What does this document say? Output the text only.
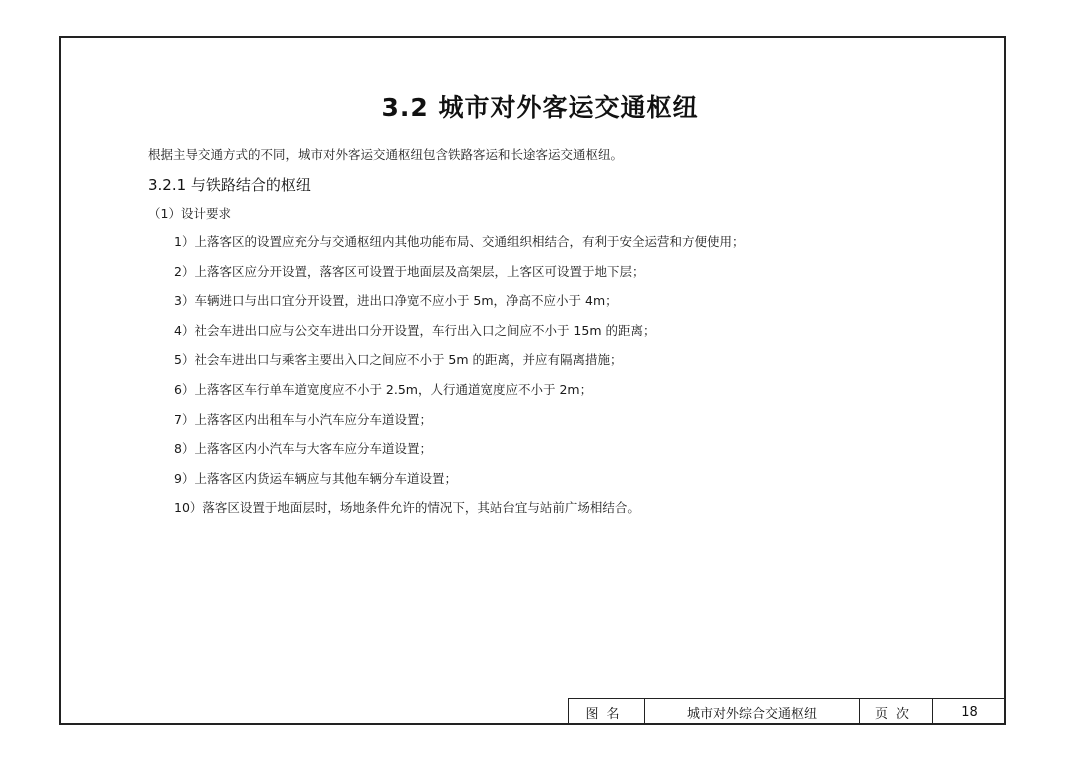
3.2 城市对外客运交通枢纽
根据主导交通方式的不同，城市对外客运交通枢纽包含铁路客运和长途客运交通枢纽。
3.2.1 与铁路结合的枢纽
（1）设计要求
1）上落客区的设置应充分与交通枢纽内其他功能布局、交通组织相结合，有利于安全运营和方便使用；
2）上落客区应分开设置，落客区可设置于地面层及高架层，上客区可设置于地下层；
3）车辆进口与出口宜分开设置，进出口净宽不应小于 5m，净高不应小于 4m；
4）社会车进出口应与公交车进出口分开设置，车行出入口之间应不小于 15m 的距离；
5）社会车进出口与乘客主要出入口之间应不小于 5m 的距离，并应有隔离措施；
6）上落客区车行单车道宽度应不小于 2.5m，人行通道宽度应不小于 2m；
7）上落客区内出租车与小汽车应分车道设置；
8）上落客区内小汽车与大客车应分车道设置；
9）上落客区内货运车辆应与其他车辆分车道设置；
10）落客区设置于地面层时，场地条件允许的情况下，其站台宜与站前广场相结合。
图名	城市对外综合交通枢纽	页次	18
